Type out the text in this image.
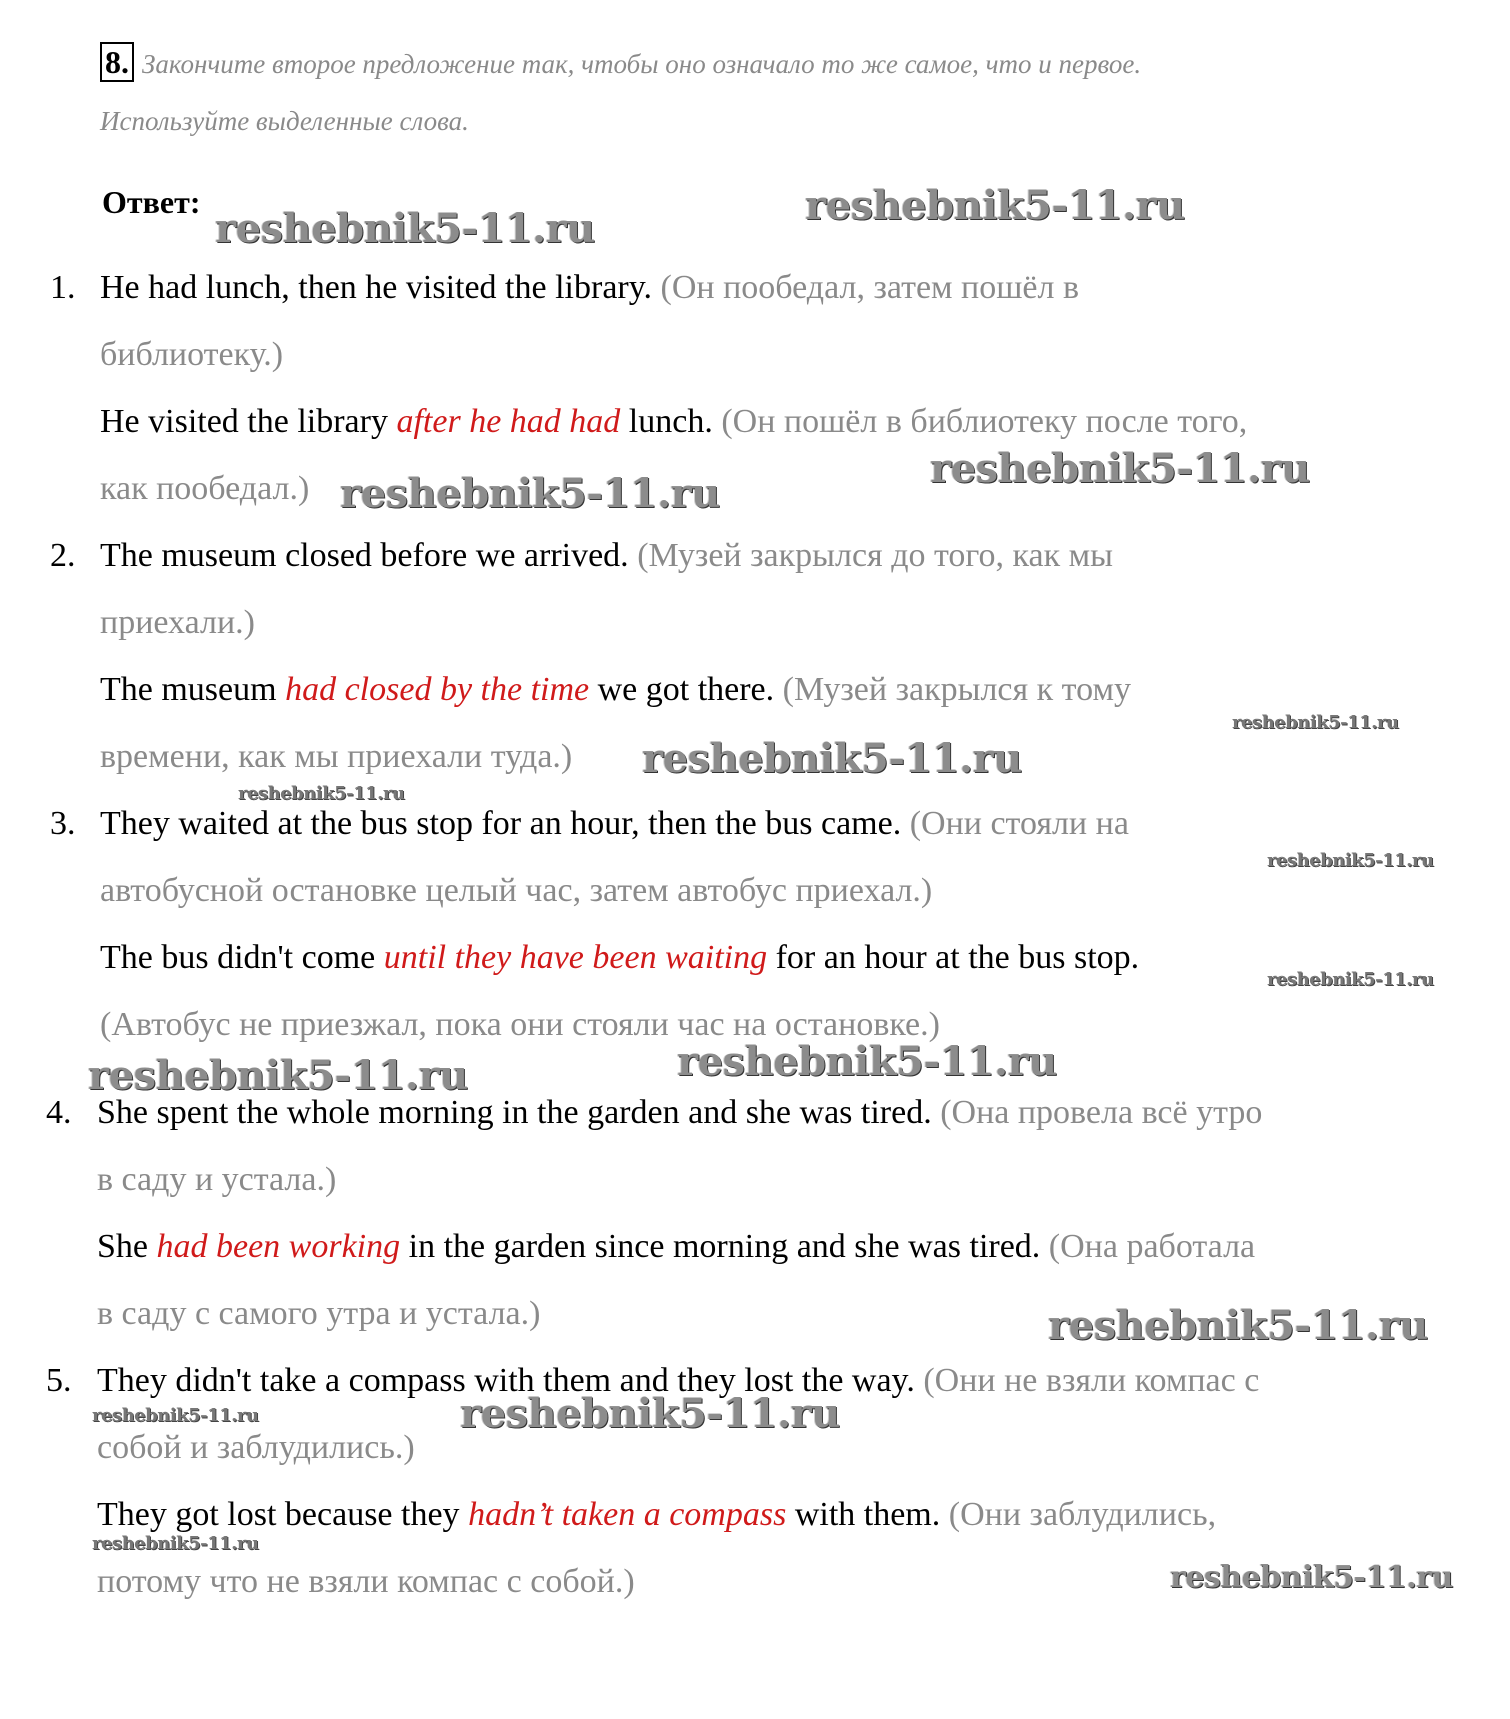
8. Закончите второе предложение так, чтобы оно означало то же самое, что и первое.
Используйте выделенные слова.
Ответ:
1. He had lunch, then he visited the library. (Он пообедал, затем пошёл в
библиотеку.)
He visited the library after he had had lunch. (Он пошёл в библиотеку после того,
как пообедал.)
2. The museum closed before we arrived. (Музей закрылся до того, как мы
приехали.)
The museum had closed by the time we got there. (Музей закрылся к тому
времени, как мы приехали туда.)
3. They waited at the bus stop for an hour, then the bus came. (Они стояли на
автобусной остановке целый час, затем автобус приехал.)
The bus didn't come until they have been waiting for an hour at the bus stop.
(Автобус не приезжал, пока они стояли час на остановке.)
4. She spent the whole morning in the garden and she was tired. (Она провела всё утро
в саду и устала.)
She had been working in the garden since morning and she was tired. (Она работала
в саду с самого утра и устала.)
5. They didn't take a compass with them and they lost the way. (Они не взяли компас с
собой и заблудились.)
They got lost because they hadn’t taken a compass with them. (Они заблудились,
потому что не взяли компас с собой.)
reshebnik5-11.ru	reshebnik5-11.ru
reshebnik5-11.ru
reshebnik5-11.ru
reshebnik5-11.ru
reshebnik5-11.ru
reshebnik5-11.ru
reshebnik5-11.ru
reshebnik5-11.ru
reshebnik5-11.ru
reshebnik5-11.ru
reshebnik5-11.ru
reshebnik5-11.ru	reshebnik5-11.ru
reshebnik5-11.ru
reshebnik5-11.ru
